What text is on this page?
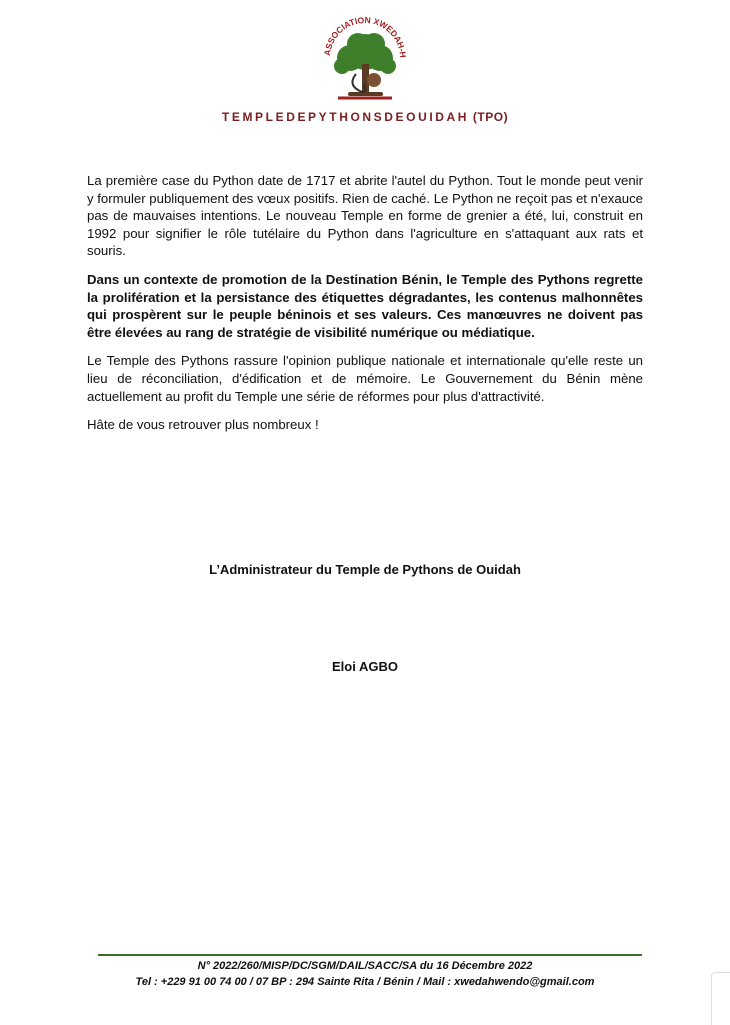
ASSOCIATION XWEDAH-H
TEMPLEDEPYTHONSDEOUIDAH (TPO)

La première case du Python date de 1717 et abrite l'autel du Python. Tout le monde peut venir y formuler publiquement des vœux positifs. Rien de caché. Le Python ne reçoit pas et n'exauce pas de mauvaises intentions. Le nouveau Temple en forme de grenier a été, lui, construit en 1992 pour signifier le rôle tutélaire du Python dans l'agriculture en s'attaquant aux rats et souris.

Dans un contexte de promotion de la Destination Bénin, le Temple des Pythons regrette la prolifération et la persistance des étiquettes dégradantes, les contenus malhonnêtes qui prospèrent sur le peuple béninois et ses valeurs. Ces manœuvres ne doivent pas être élevées au rang de stratégie de visibilité numérique ou médiatique.

Le Temple des Pythons rassure l'opinion publique nationale et internationale qu'elle reste un lieu de réconciliation, d'édification et de mémoire. Le Gouvernement du Bénin mène actuellement au profit du Temple une série de réformes pour plus d'attractivité.

Hâte de vous retrouver plus nombreux !

L’Administrateur du Temple de Pythons de Ouidah
Eloi AGBO
N° 2022/260/MISP/DC/SGM/DAIL/SACC/SA du 16 Décembre 2022
Tel : +229 91 00 74 00 / 07 BP : 294 Sainte Rita / Bénin / Mail : xwedahwendo@gmail.com
